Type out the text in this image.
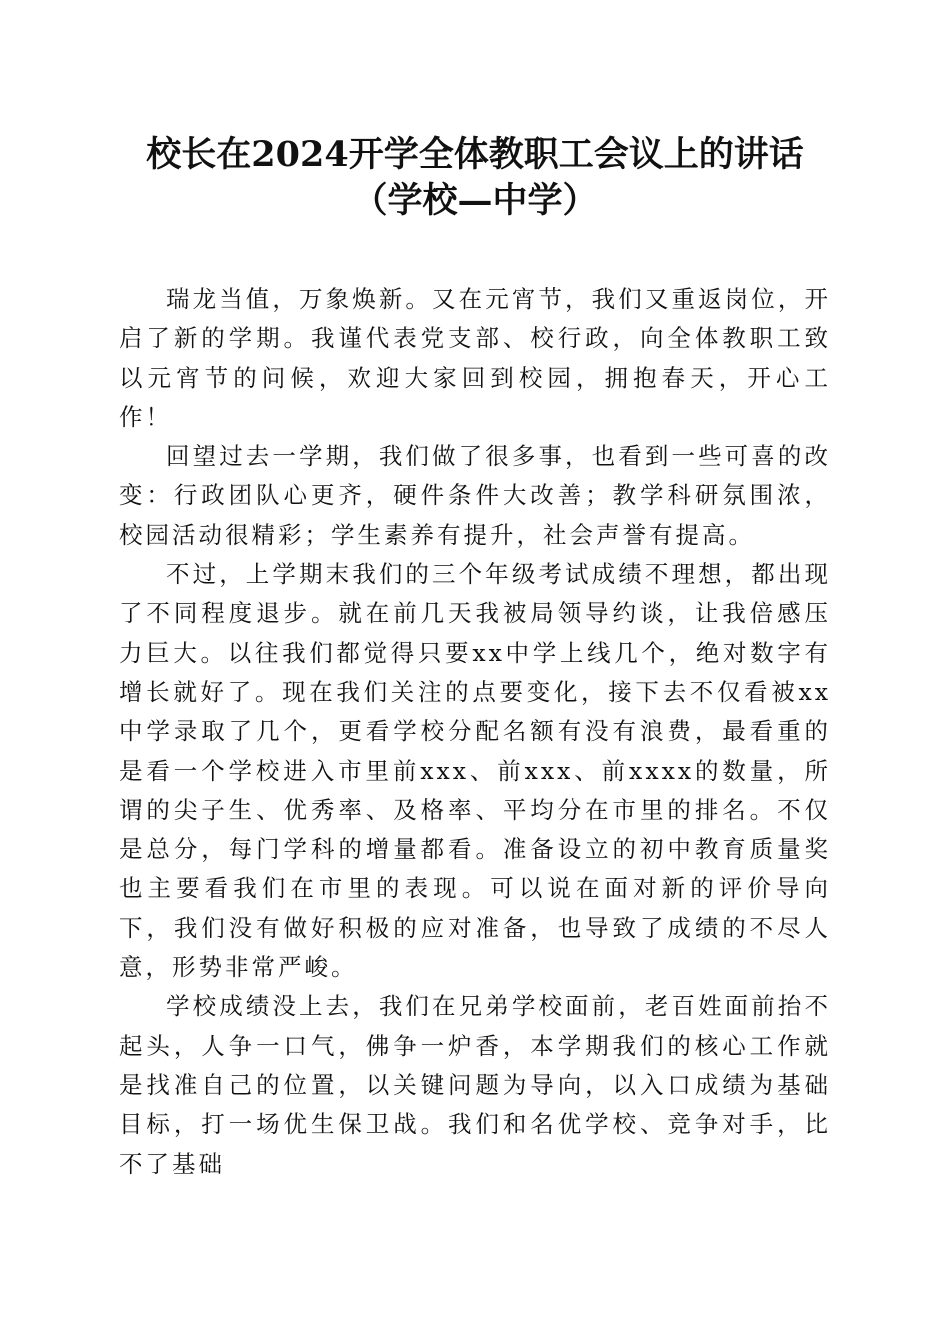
校长在2024开学全体教职工会议上的讲话
（学校—中学）

瑞龙当值，万象焕新。又在元宵节，我们又重返岗位，开启了新的学期。我谨代表党支部、校行政，向全体教职工致以元宵节的问候，欢迎大家回到校园，拥抱春天，开心工作！

回望过去一学期，我们做了很多事，也看到一些可喜的改变：行政团队心更齐，硬件条件大改善；教学科研氛围浓，校园活动很精彩；学生素养有提升，社会声誉有提高。

不过，上学期末我们的三个年级考试成绩不理想，都出现了不同程度退步。就在前几天我被局领导约谈，让我倍感压力巨大。以往我们都觉得只要xx中学上线几个，绝对数字有增长就好了。现在我们关注的点要变化，接下去不仅看被xx中学录取了几个，更看学校分配名额有没有浪费，最看重的是看一个学校进入市里前xxx、前xxx、前xxxx的数量，所谓的尖子生、优秀率、及格率、平均分在市里的排名。不仅是总分，每门学科的增量都看。准备设立的初中教育质量奖也主要看我们在市里的表现。可以说在面对新的评价导向下，我们没有做好积极的应对准备，也导致了成绩的不尽人意，形势非常严峻。

学校成绩没上去，我们在兄弟学校面前，老百姓面前抬不起头，人争一口气，佛争一炉香，本学期我们的核心工作就是找准自己的位置，以关键问题为导向，以入口成绩为基础目标，打一场优生保卫战。我们和名优学校、竞争对手，比不了基础
